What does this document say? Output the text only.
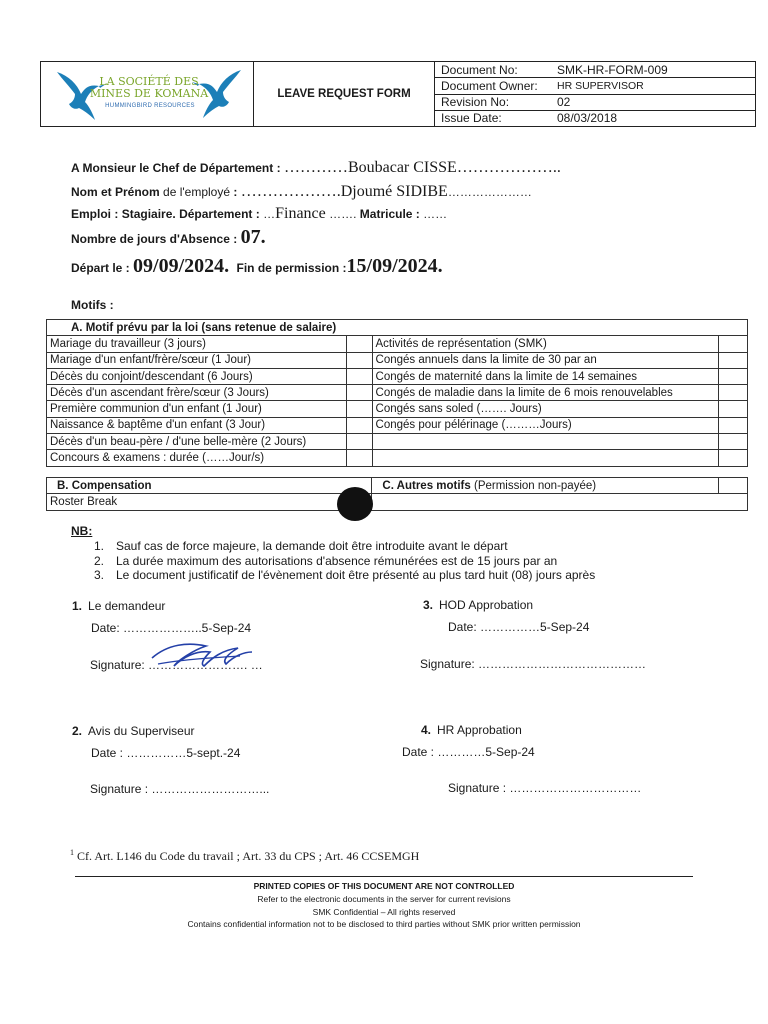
LA SOCIÉTÉ DES
MINES DE KOMANA
HUMMINGBIRD RESOURCES
LEAVE REQUEST FORM
Document No:	SMK-HR-FORM-009
Document Owner:	HR SUPERVISOR
Revision No:	02
Issue Date:	08/03/2018
A Monsieur le Chef de Département : …………Boubacar CISSE………………..
Nom et Prénom de l'employé : ……………….Djoumé SIDIBE…………………
Emploi : Stagiaire. Département : …Finance ……. Matricule : ……
Nombre de jours d'Absence : 07.
Départ le : 09/09/2024. Fin de permission :15/09/2024.
Motifs :
A. Motif prévu par la loi (sans retenue de salaire)			
Mariage du travailleur (3 jours)		Activités de représentation (SMK)	
Mariage d'un enfant/frère/sœur (1 Jour)		Congés annuels dans la limite de 30 par an	
Décès du conjoint/descendant (6 Jours)		Congés de maternité dans la limite de 14 semaines	
Décès d'un ascendant frère/sœur (3 Jours)		Congés de maladie dans la limite de 6 mois renouvelables	
Première communion d'un enfant (1 Jour)		Congés sans soled (……. Jours)	
Naissance & baptême d'un enfant (3 Jour)		Congés pour pélérinage (………Jours)	
Décès d'un beau-père / d'une belle-mère (2 Jours)			
Concours & examens : durée (……Jour/s)			
B. Compensation	C. Autres motifs (Permission non-payée)	
Roster Break		
NB:
1. Sauf cas de force majeure, la demande doit être introduite avant le départ
2. La durée maximum des autorisations d'absence rémunérées est de 15 jours par an
3. Le document justificatif de l'évènement doit être présenté au plus tard huit (08) jours après
1. Le demandeur
Date: ………………..5-Sep-24
Signature: ……………………. …
3. HOD Approbation
Date: ……………5-Sep-24
Signature: ……………………………………
2. Avis du Superviseur
Date : ……………5-sept.-24
Signature : ………………………...
4. HR Approbation
Date : …………5-Sep-24
Signature : ……………………………
$^1$ Cf. Art. L146 du Code du travail ; Art. 33 du CPS ; Art. 46 CCSEMGH
PRINTED COPIES OF THIS DOCUMENT ARE NOT CONTROLLED
Refer to the electronic documents in the server for current revisions
SMK Confidential – All rights reserved
Contains confidential information not to be disclosed to third parties without SMK prior written permission
